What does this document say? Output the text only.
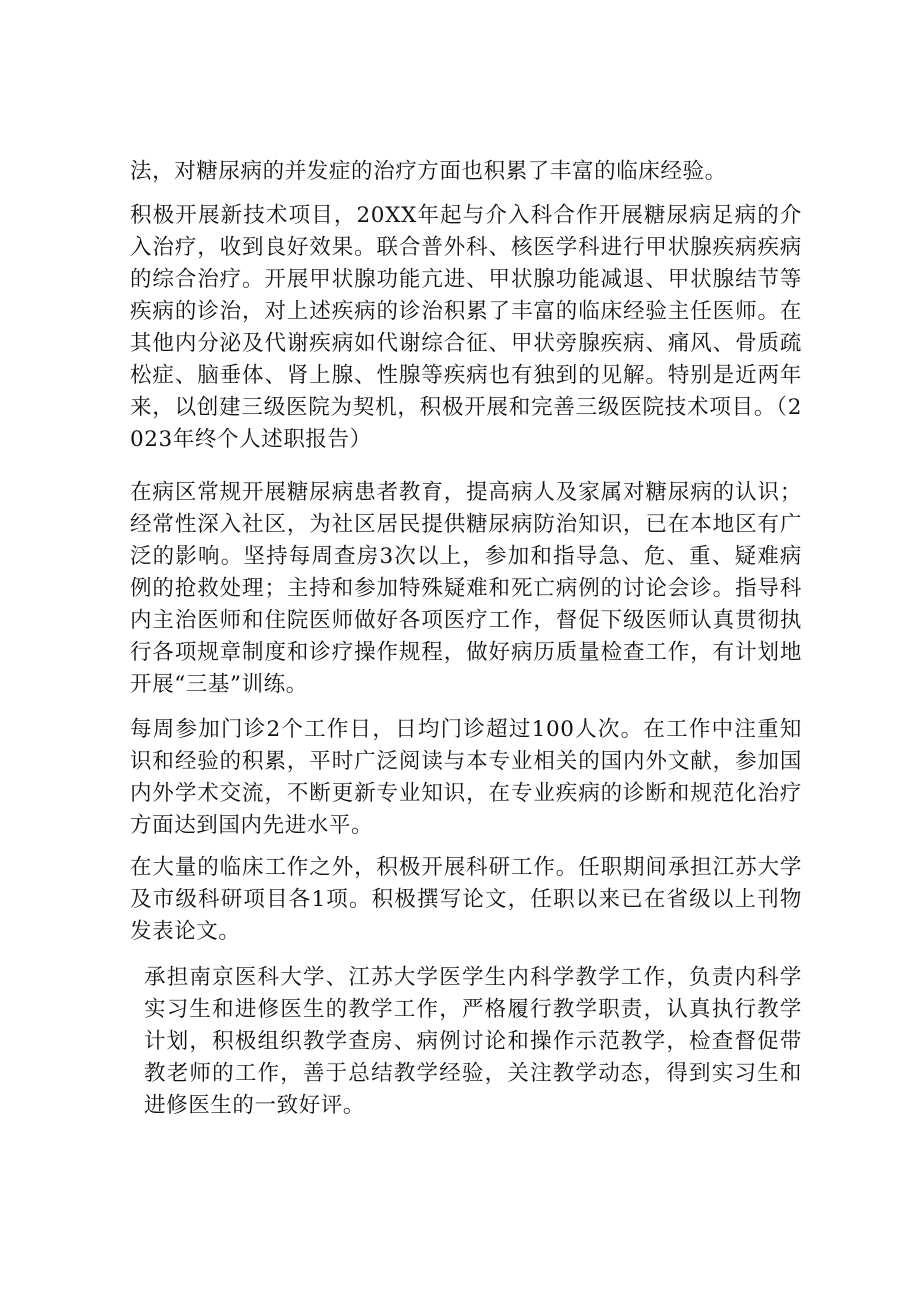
法，对糖尿病的并发症的治疗方面也积累了丰富的临床经验。

积极开展新技术项目，20XX年起与介入科合作开展糖尿病足病的介入治疗，收到良好效果。联合普外科、核医学科进行甲状腺疾病疾病的综合治疗。开展甲状腺功能亢进、甲状腺功能减退、甲状腺结节等疾病的诊治，对上述疾病的诊治积累了丰富的临床经验主任医师。在其他内分泌及代谢疾病如代谢综合征、甲状旁腺疾病、痛风、骨质疏松症、脑垂体、肾上腺、性腺等疾病也有独到的见解。特别是近两年来，以创建三级医院为契机，积极开展和完善三级医院技术项目。（2023年终个人述职报告）

在病区常规开展糖尿病患者教育，提高病人及家属对糖尿病的认识；经常性深入社区，为社区居民提供糖尿病防治知识，已在本地区有广泛的影响。坚持每周查房3次以上，参加和指导急、危、重、疑难病例的抢救处理；主持和参加特殊疑难和死亡病例的讨论会诊。指导科内主治医师和住院医师做好各项医疗工作，督促下级医师认真贯彻执行各项规章制度和诊疗操作规程，做好病历质量检查工作，有计划地开展“三基”训练。

每周参加门诊2个工作日，日均门诊超过100人次。在工作中注重知识和经验的积累，平时广泛阅读与本专业相关的国内外文献，参加国内外学术交流，不断更新专业知识，在专业疾病的诊断和规范化治疗方面达到国内先进水平。

在大量的临床工作之外，积极开展科研工作。任职期间承担江苏大学及市级科研项目各1项。积极撰写论文，任职以来已在省级以上刊物发表论文。

承担南京医科大学、江苏大学医学生内科学教学工作，负责内科学实习生和进修医生的教学工作，严格履行教学职责，认真执行教学计划，积极组织教学查房、病例讨论和操作示范教学，检查督促带教老师的工作，善于总结教学经验，关注教学动态，得到实习生和进修医生的一致好评。
